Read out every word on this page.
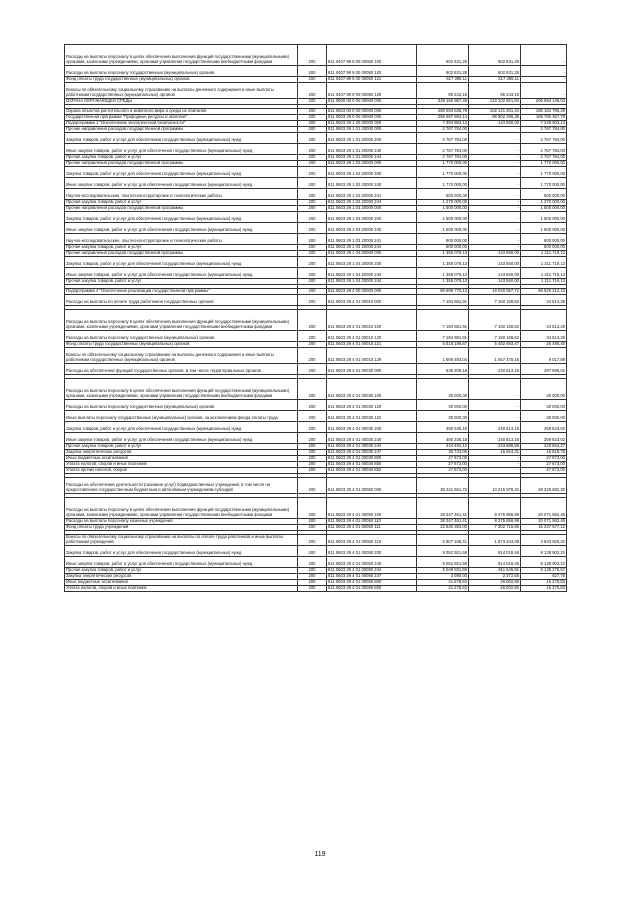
Расходы на выплаты персоналу в целях обеспечения выполнения функций государственными (муниципальными) органами, казенными учреждениями, органами управления государственными внебюджетными фондами	200	811 0407 99 9 00 00050 100	602 631,28	602 631,28	-
Расходы на выплаты персоналу государственных (муниципальных) органов	200	811 0407 99 9 00 00050 120	602 631,28	602 631,28	-
Фонд оплаты труда государственных (муниципальных) органов	200	811 0407 99 9 00 00050 121	517 388,11	517 388,11	-
Взносы по обязательному социальному страхованию на выплаты денежного содержания и иные выплаты работникам государственных (муниципальных) органов	200	811 0407 99 9 00 00050 129	85 243,18	85 243,18	-
ОХРАНА ОКРУЖАЮЩЕЙ СРЕДЫ	200	811 0600 00 0 00 00000 000	329 185 957,48	123 102 821,84	206 084 146,04

Охрана объектов растительного и животного мира и среды их обитания	200	811 0603 00 0 00 00000 000	288 593 638,79	102 121 831,44	186 182 786,29
Государственная программа "Природные ресурсы и экология"	200	811 0603 29 0 00 00000 000	266 587 694,14	98 802 296,35	169 785 367,79
Подпрограмма 1 "Обеспечение экологической безопасности"	200	811 0603 29 1 00 00000 000	7 394 883,13	143 580,00	7 249 903,13
Прочие направления расходов государственной программы	200	811 0603 29 1 01 20000 000	2 767 784,00	-	2 767 784,00
Закупка товаров, работ и услуг для обеспечения государственных (муниципальных) нужд	200	811 0603 29 1 01 20000 200	2 767 784,00	-	2 767 784,00
Иные закупки товаров, работ и услуг для обеспечения государственных (муниципальных) нужд	200	811 0603 29 1 01 20000 240	2 767 784,00	-	2 767 784,00
Прочая закупка товаров, работ и услуг	200	811 0603 29 1 01 20000 244	2 767 784,00	-	2 767 784,00
Прочие направления расходов государственной программы	200	811 0603 29 1 02 20000 000	1 770 000,00	-	1 770 000,00
Закупка товаров, работ и услуг для обеспечения государственных (муниципальных) нужд	200	811 0603 29 1 02 20000 200	1 770 000,00	-	1 770 000,00
Иные закупки товаров, работ и услуг для обеспечения государственных (муниципальных) нужд	200	811 0603 29 1 02 20000 240	1 770 000,00	-	1 770 000,00
Научно-исследовательские, опытно-конструкторские и технологические работы	200	811 0603 29 1 02 20000 241	500 000,00	-	500 000,00
Прочая закупка товаров, работ и услуг	200	811 0603 29 1 02 20000 244	1 270 000,00	-	1 270 000,00
Прочие направления расходов государственной программы	200	811 0603 29 1 03 20000 000	1 500 000,00	-	1 500 000,00
Закупка товаров, работ и услуг для обеспечения государственных (муниципальных) нужд	200	811 0603 29 1 03 20000 200	1 500 000,00	-	1 500 000,00
Иные закупки товаров, работ и услуг для обеспечения государственных (муниципальных) нужд	200	811 0603 29 1 03 20000 240	1 500 000,00	-	1 500 000,00
Научно-исследовательские, опытно-конструкторские и технологические работы	200	811 0603 29 1 03 20000 241	900 000,00	-	900 000,00
Прочая закупка товаров, работ и услуг	200	811 0603 29 1 03 20000 244	600 000,00	-	600 000,00
Прочие направления расходов государственной программы	200	811 0603 29 1 04 20000 000	1 355 079,13	143 560,00	1 211 719,13
Закупка товаров, работ и услуг для обеспечения государственных (муниципальных) нужд	200	811 0603 29 1 04 20000 200	1 355 079,13	143 560,00	1 211 719,13
Иные закупки товаров, работ и услуг для обеспечения государственных (муниципальных) нужд	200	811 0603 29 1 04 20000 240	1 355 079,13	143 560,00	1 211 719,13
Прочая закупка товаров, работ и услуг	200	811 0603 29 1 04 20000 244	1 355 079,13	143 560,00	1 211 719,13

Подпрограмма 4 "Обеспечение реализации государственной программы"	200	811 0603 29 4 00 00000 000	89 699 770,13	19 020 557,72	68 529 212,43
Расходы на выплаты по оплате труда работников государственных органов	200	811 0603 29 4 01 00010 000	7 184 681,91	7 150 168,62	34 513,29

Расходы на выплаты персоналу в целях обеспечения выполнения функций государственными (муниципальными) органами, казенными учреждениями, органами управления государственными внебюджетными фондами	200	811 0603 29 4 01 00010 100	7 184 681,91	7 150 168,62	34 513,29
Расходы на выплаты персоналу государственных (муниципальных) органов	200	811 0603 29 4 01 00010 120	7 184 681,91	7 150 168,62	34 513,29
Фонд оплаты труда государственных (муниципальных) органов	200	811 0603 29 4 01 00010 121	5 518 188,67	5 492 693,47	25 495,40
Взносы по обязательному социальному страхованию на выплаты денежного содержания и иные выплаты работникам государственных (муниципальных) органов	200	811 0603 29 4 01 00010 129	1 666 493,04	1 657 475,15	9 017,89
Расходы на обеспечение функций государственных органов, в том числе территориальных органов	200	811 0603 29 4 01 00030 000	535 209,18	240 613,16	297 596,02

Расходы на выплаты персоналу в целях обеспечения выполнения функций государственными (муниципальными) органами, казенными учреждениями, органами управления государственными внебюджетными фондами	200	811 0603 29 4 01 00030 100	30 000,00	-	30 000,00
Расходы на выплаты персоналу государственных (муниципальных) органов	200	811 0603 29 4 01 00030 120	30 000,00	-	30 000,00
Иные выплаты персоналу государственных (муниципальных) органов, за исключением фонда оплаты труда	200	811 0603 29 4 01 00030 122	30 000,00	-	30 000,00
Закупка товаров, работ и услуг для обеспечения государственных (муниципальных) нужд	200	811 0603 29 4 01 00030 200	480 335,18	240 613,16	259 623,02
Иные закупки товаров, работ и услуг для обеспечения государственных (муниципальных) нужд	200	811 0603 29 4 01 00030 240	480 335,18	240 613,16	259 623,02
Прочая закупка товаров, работ и услуг	200	811 0603 29 4 01 00030 244	444 492,12	223 688,85	220 864,27
Закупка энергетических ресурсов	200	811 0603 29 4 01 00030 247	35 743,06	16 924,31	18 818,75
Иные бюджетные ассигнования	200	811 0603 29 4 01 00030 800	27 873,00	-	27 873,00
Уплата налогов, сборов и иных платежей	200	811 0603 29 4 01 00030 850	27 873,00	-	27 873,00
Уплата прочих налогов, сборов	200	811 0603 29 4 01 00030 852	27 873,00	-	27 873,00

Расходы на обеспечение деятельности (оказание услуг) подведомственных учреждений, в том числе на предоставление государственным бюджетным и автономным учреждениям субсидий	200	811 0603 29 4 01 00050 000	38 441 661,72	10 215 978,42	28 225 682,30

Расходы на выплаты персоналу в целях обеспечения выполнения функций государственными (муниципальными) органами, казенными учреждениями, органами управления государственными внебюджетными фондами	200	811 0603 29 4 01 00050 100	28 347 461,41	8 275 856,96	20 071 562,45
Расходы на выплаты персоналу казенных учреждений	200	811 0603 29 4 01 00050 110	28 347 461,41	8 275 856,96	20 071 562,45
Фонд оплаты труда учреждений	200	811 0603 29 4 01 00050 111	22 540 393,00	7 302 715,66	15 237 577,12

Взносы по обязательному социальному страхованию на выплаты по оплате труда работников и иные выплаты работникам учреждений	200	811 0603 29 4 01 00050 119	5 807 168,41	1 873 243,09	4 833 925,32
Закупка товаров, работ и услуг для обеспечения государственных (муниципальных) нужд	200	811 0603 29 4 01 00050 200	9 052 921,68	914 018,46	8 138 903,22
Иные закупки товаров, работ и услуг для обеспечения государственных (муниципальных) нужд	200	811 0603 29 4 01 00050 240	9 052 921,68	914 018,46	8 138 903,22
Прочая закупка товаров, работ и услуг	200	811 0603 29 4 01 00050 244	9 049 831,68	911 545,91	8 138 275,57
Закупка энергетических ресурсов	200	811 0603 29 4 01 00050 247	3 090,00	2 372,55	627,75
Иные бюджетные ассигнования	200	811 0603 29 4 01 00050 800	41 278,63	26 002,80	15 275,83
Уплата налогов, сборов и иных платежей	200	811 0603 29 4 01 00050 850	41 278,63	26 002,80	15 275,83
119
